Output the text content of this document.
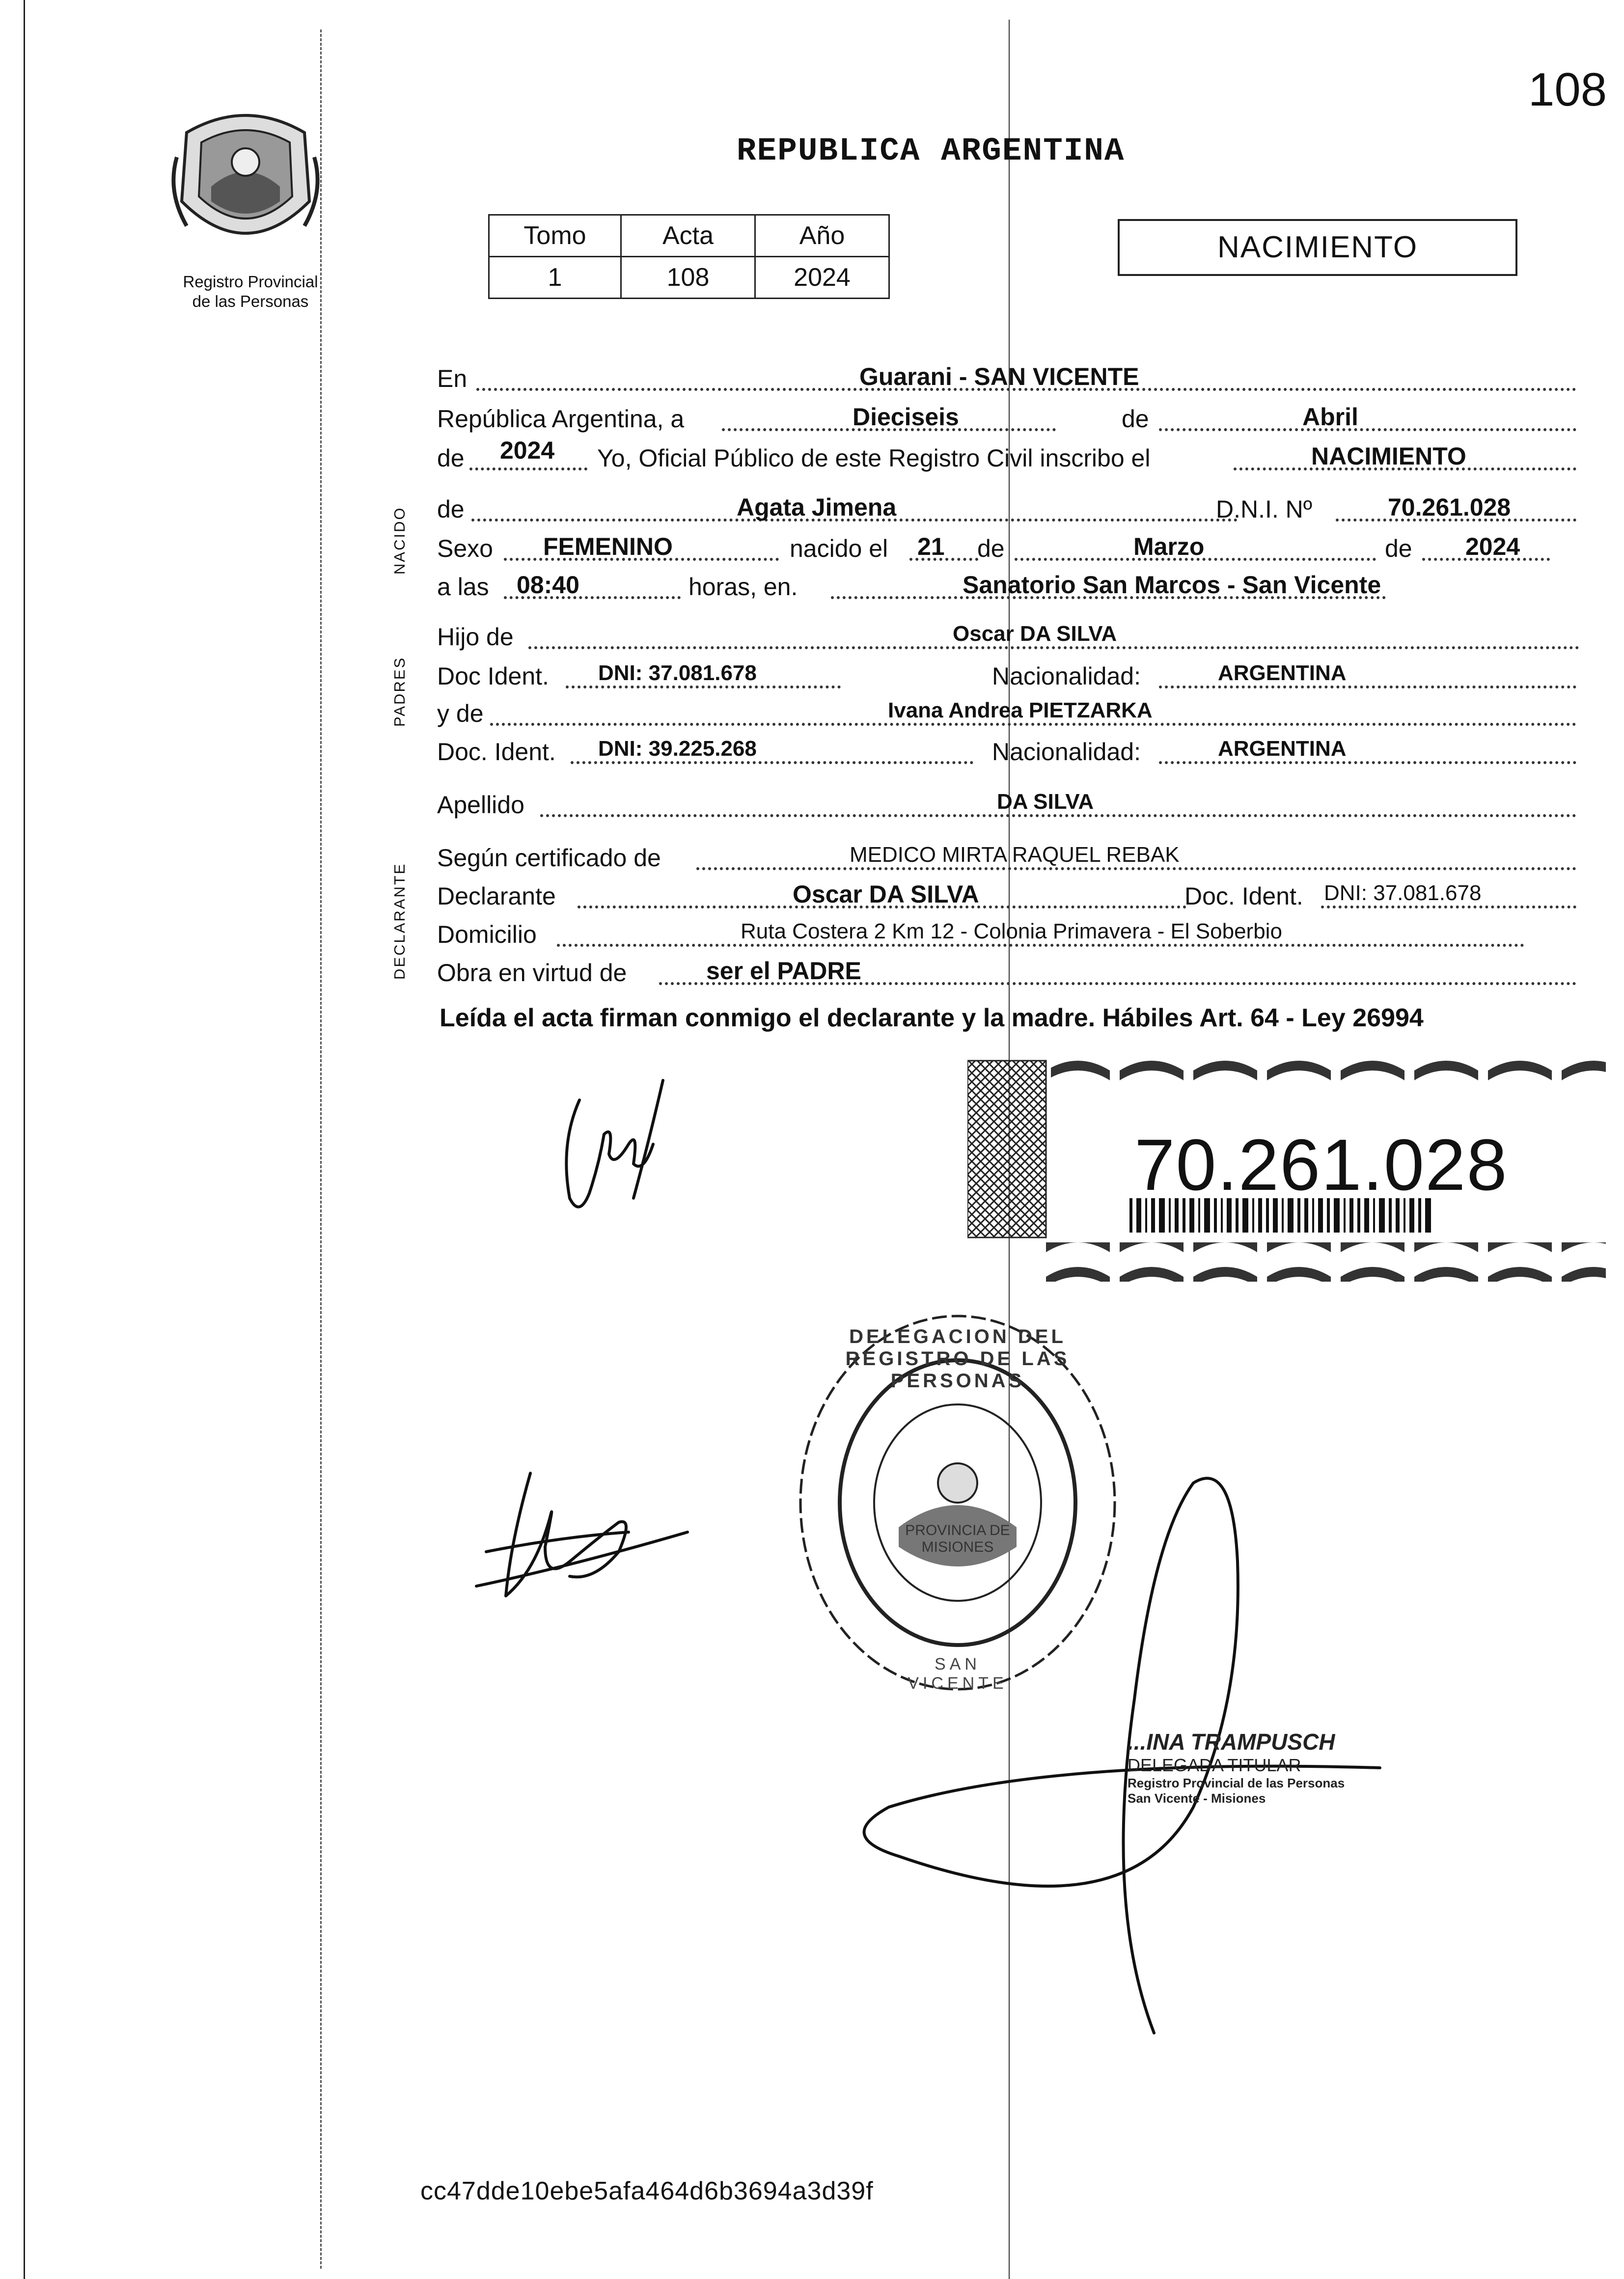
108
Registro Provincial
de las Personas
REPUBLICA ARGENTINA
Tomo	Acta	Año
1	108	2024
NACIMIENTO
NACIDO
PADRES
DECLARANTE
En	Guarani - SAN VICENTE
República Argentina, a	Dieciseis	de	Abril
de 2024 Yo, Oficial Público de este Registro Civil inscribo el	NACIMIENTO
de	Agata Jimena	D.N.I. Nº	70.261.028
Sexo FEMENINO	nacido el 21 de	Marzo	de 2024
a las 08:40	horas, en.	Sanatorio San Marcos - San Vicente
Hijo de	Oscar DA SILVA
Doc Ident. DNI: 37.081.678	Nacionalidad:	ARGENTINA
y de	Ivana Andrea PIETZARKA
Doc. Ident. DNI: 39.225.268	Nacionalidad:	ARGENTINA
Apellido	DA SILVA
Según certificado de	MEDICO MIRTA RAQUEL REBAK
Declarante	Oscar DA SILVA	Doc. Ident. DNI: 37.081.678
Domicilio	Ruta Costera 2 Km 12 - Colonia Primavera - El Soberbio
Obra en virtud de	ser el PADRE
Leída el acta firman conmigo el declarante y la madre. Hábiles Art. 64 - Ley 26994
70.261.028
DELEGACION DEL REGISTRO DE LAS PERSONAS
PROVINCIA DE MISIONES
SAN VICENTE
...INA TRAMPUSCH
DELEGADA TITULAR
Registro Provincial de las Personas
San Vicente - Misiones
cc47dde10ebe5afa464d6b3694a3d39f
